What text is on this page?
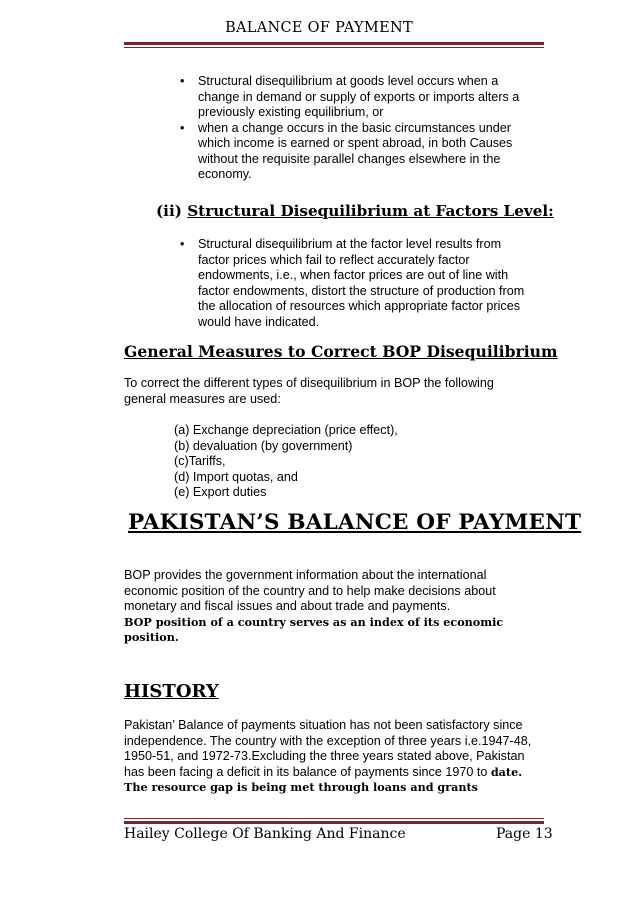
BALANCE OF PAYMENT
• Structural disequilibrium at goods level occurs when a change in demand or supply of exports or imports alters a previously existing equilibrium, or
• when a change occurs in the basic circumstances under which income is earned or spent abroad, in both Causes without the requisite parallel changes elsewhere in the economy.
(ii) Structural Disequilibrium at Factors Level:
• Structural disequilibrium at the factor level results from factor prices which fail to reflect accurately factor endowments, i.e., when factor prices are out of line with factor endowments, distort the structure of production from the allocation of resources which appropriate factor prices would have indicated.
General Measures to Correct BOP Disequilibrium

To correct the different types of disequilibrium in BOP the following general measures are used:

(a) Exchange depreciation (price effect),
(b) devaluation (by government)
(c)Tariffs,
(d) Import quotas, and
(e) Export duties
PAKISTAN’S BALANCE OF PAYMENT

BOP provides the government information about the international economic position of the country and to help make decisions about monetary and fiscal issues and about trade and payments.
BOP position of a country serves as an index of its economic position.

HISTORY

Pakistan’ Balance of payments situation has not been satisfactory since independence. The country with the exception of three years i.e.1947-48, 1950-51, and 1972-73.Excluding the three years stated above, Pakistan has been facing a deficit in its balance of payments since 1970 to date. The resource gap is being met through loans and grants

Hailey College Of Banking And Finance	Page 13
